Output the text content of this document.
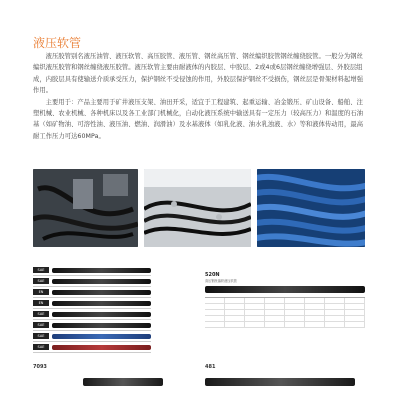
液压软管

液压胶管别名液压油管、液压软管、高压胶管、液压管、钢丝高压管、钢丝编织胶管钢丝缠绕胶管。一般分为钢丝编织液压胶管和钢丝缠绕液压胶管。液压软管主要由耐液体的内胶层、中胶层、2或4或6层钢丝缠绕增强层、外胶层组成，内胶层具有使输送介质承受压力，保护钢丝不受侵蚀的作用，外胶层保护钢丝不受损伤，钢丝层是骨架材料起增强作用。

主要用于：产品主要用于矿井液压支架、油田开采，适宜于工程建筑、起重运输、冶金锻压、矿山设备、船舶、注塑机械、农业机械、各种机床以及各工业部门机械化，自动化液压系统中输送具有一定压力（较高压力）和温度的石油基（如矿物油、可溶性油、液压油、燃油、润滑油）及水基液体（如乳化液、油水乳浊液、水）等和液体传动用，最高耐工作压力可达60MPa。

SAE
SAE
EN
EN
SAE
SAE
SAE
SAE
520N
高压钢丝编织液压软管
7093	481
